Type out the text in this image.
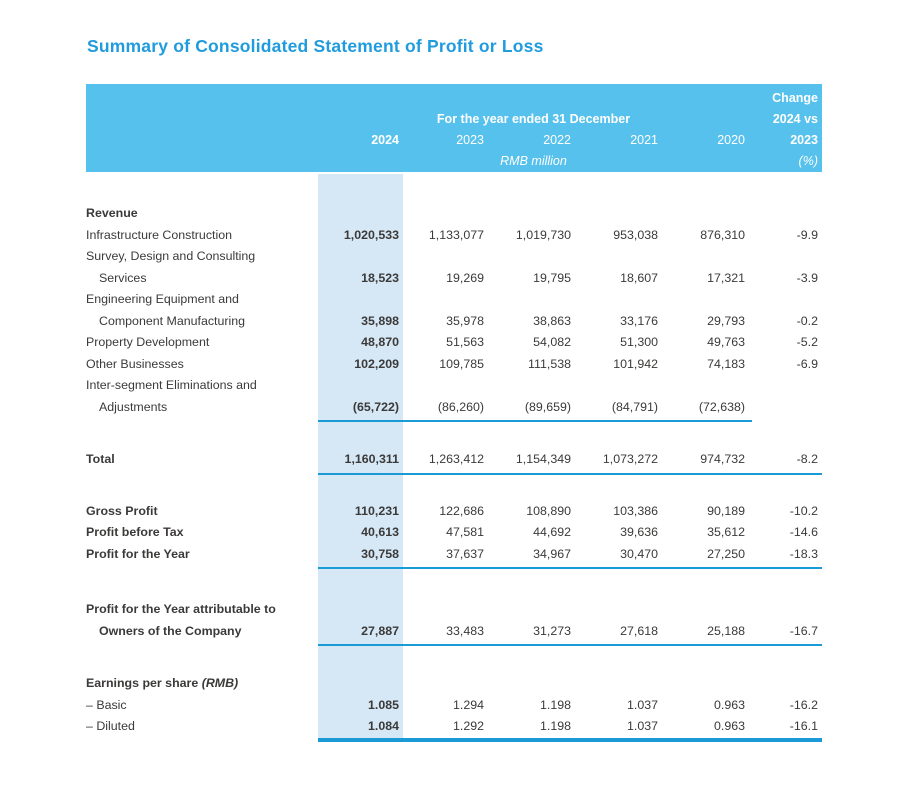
Summary of Consolidated Statement of Profit or Loss
Change
For the year ended 31 December	2024 vs
2024	2023	2022	2021	2020	2023
RMB million	(%)
Revenue
Infrastructure Construction	1,020,533	1,133,077	1,019,730	953,038	876,310	-9.9
Survey, Design and Consulting
Services	18,523	19,269	19,795	18,607	17,321	-3.9
Engineering Equipment and
Component Manufacturing	35,898	35,978	38,863	33,176	29,793	-0.2
Property Development	48,870	51,563	54,082	51,300	49,763	-5.2
Other Businesses	102,209	109,785	111,538	101,942	74,183	-6.9
Inter-segment Eliminations and
Adjustments	(65,722)	(86,260)	(89,659)	(84,791)	(72,638)
Total	1,160,311	1,263,412	1,154,349	1,073,272	974,732	-8.2
Gross Profit	110,231	122,686	108,890	103,386	90,189	-10.2
Profit before Tax	40,613	47,581	44,692	39,636	35,612	-14.6
Profit for the Year	30,758	37,637	34,967	30,470	27,250	-18.3
Profit for the Year attributable to
Owners of the Company	27,887	33,483	31,273	27,618	25,188	-16.7
Earnings per share (RMB)
– Basic	1.085	1.294	1.198	1.037	0.963	-16.2
– Diluted	1.084	1.292	1.198	1.037	0.963	-16.1
